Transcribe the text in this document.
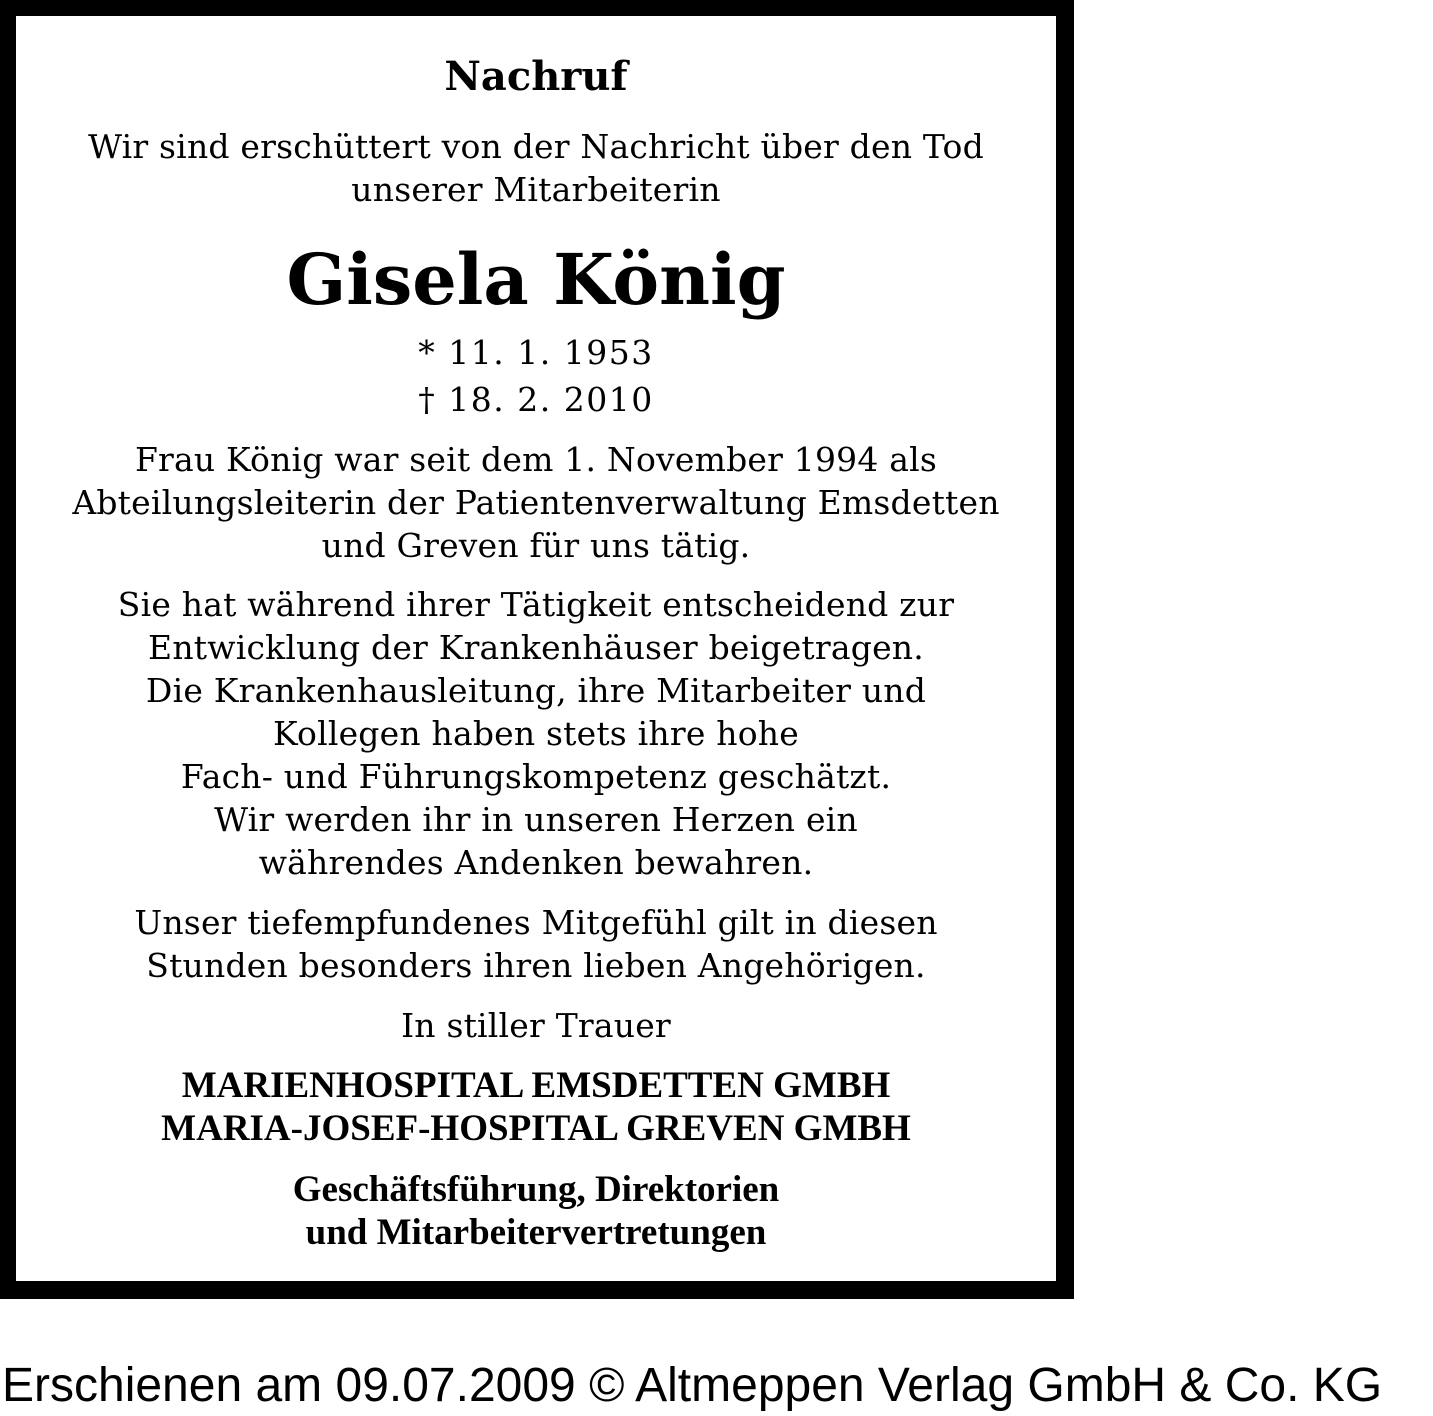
Nachruf
Wir sind erschüttert von der Nachricht über den Tod
unserer Mitarbeiterin
Gisela König
* 11. 1. 1953
† 18. 2. 2010
Frau König war seit dem 1. November 1994 als
Abteilungsleiterin der Patientenverwaltung Emsdetten
und Greven für uns tätig.
Sie hat während ihrer Tätigkeit entscheidend zur
Entwicklung der Krankenhäuser beigetragen.
Die Krankenhausleitung, ihre Mitarbeiter und
Kollegen haben stets ihre hohe
Fach- und Führungskompetenz geschätzt.
Wir werden ihr in unseren Herzen ein
währendes Andenken bewahren.
Unser tiefempfundenes Mitgefühl gilt in diesen
Stunden besonders ihren lieben Angehörigen.
In stiller Trauer
MARIENHOSPITAL EMSDETTEN GMBH
MARIA-JOSEF-HOSPITAL GREVEN GMBH
Geschäftsführung, Direktorien
und Mitarbeitervertretungen
Erschienen am 09.07.2009 © Altmeppen Verlag GmbH & Co. KG
